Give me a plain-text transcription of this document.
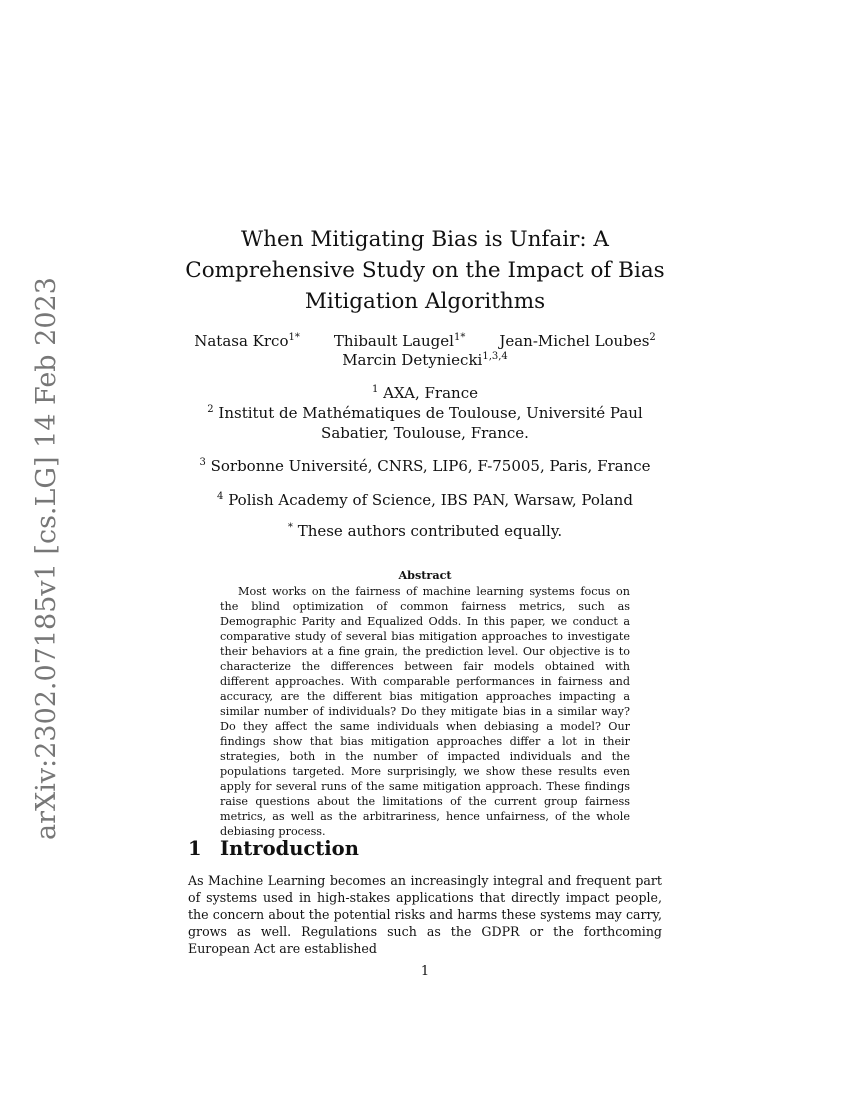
arXiv:2302.07185v1 [cs.LG] 14 Feb 2023
When Mitigating Bias is Unfair: A
Comprehensive Study on the Impact of Bias
Mitigation Algorithms
Natasa Krco$^{1*}$ Thibault Laugel$^{1*}$ Jean-Michel Loubes$^2$
Marcin Detyniecki$^{1,3,4}$
$^1$ AXA, France
$^2$ Institut de Mathématiques de Toulouse, Université Paul
Sabatier, Toulouse, France.
$^3$ Sorbonne Université, CNRS, LIP6, F-75005, Paris, France
$^4$ Polish Academy of Science, IBS PAN, Warsaw, Poland
* These authors contributed equally.
Abstract
Most works on the fairness of machine learning systems focus on the blind optimization of common fairness metrics, such as Demographic Parity and Equalized Odds. In this paper, we conduct a comparative study of several bias mitigation approaches to investigate their behaviors at a fine grain, the prediction level. Our objective is to characterize the differences between fair models obtained with different approaches. With comparable performances in fairness and accuracy, are the different bias mitigation approaches impacting a similar number of individuals? Do they mitigate bias in a similar way? Do they affect the same individuals when debiasing a model? Our findings show that bias mitigation approaches differ a lot in their strategies, both in the number of impacted individuals and the populations targeted. More surprisingly, we show these results even apply for several runs of the same mitigation approach. These findings raise questions about the limitations of the current group fairness metrics, as well as the arbitrariness, hence unfairness, of the whole debiasing process.
1 Introduction
As Machine Learning becomes an increasingly integral and frequent part of systems used in high-stakes applications that directly impact people, the concern about the potential risks and harms these systems may carry, grows as well. Regulations such as the GDPR or the forthcoming European Act are established
1
